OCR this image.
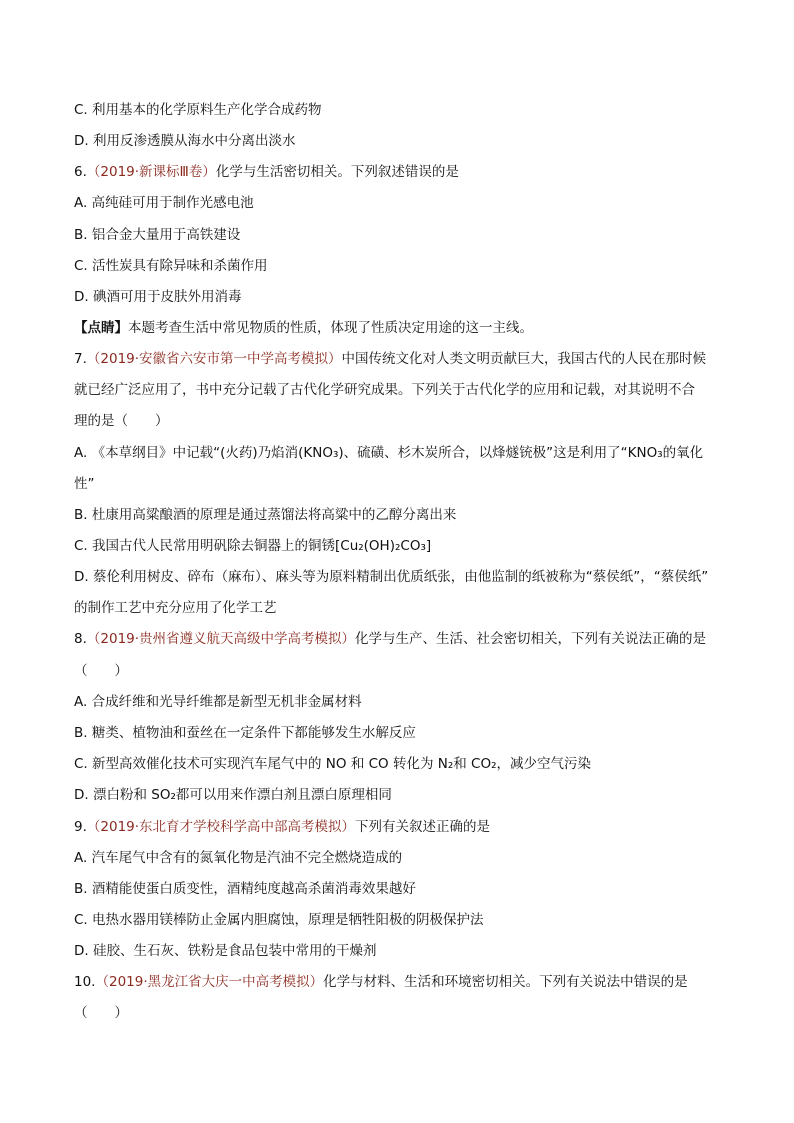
C. 利用基本的化学原料生产化学合成药物
D. 利用反渗透膜从海水中分离出淡水
6.（2019·新课标Ⅲ卷）化学与生活密切相关。下列叙述错误的是
A. 高纯硅可用于制作光感电池
B. 铝合金大量用于高铁建设
C. 活性炭具有除异味和杀菌作用
D. 碘酒可用于皮肤外用消毒
【点睛】本题考查生活中常见物质的性质，体现了性质决定用途的这一主线。
7.（2019·安徽省六安市第一中学高考模拟）中国传统文化对人类文明贡献巨大，我国古代的人民在那时候
就已经广泛应用了，书中充分记载了古代化学研究成果。下列关于古代化学的应用和记载，对其说明不合
理的是（　　）
A. 《本草纲目》中记载“(火药)乃焰消(KNO₃)、硫磺、杉木炭所合，以烽燧铳极”这是利用了“KNO₃的氧化
性”
B. 杜康用高粱酿酒的原理是通过蒸馏法将高粱中的乙醇分离出来
C. 我国古代人民常用明矾除去铜器上的铜锈[Cu₂(OH)₂CO₃]
D. 蔡伦利用树皮、碎布（麻布）、麻头等为原料精制出优质纸张，由他监制的纸被称为“蔡侯纸”，“蔡侯纸”
的制作工艺中充分应用了化学工艺
8.（2019·贵州省遵义航天高级中学高考模拟）化学与生产、生活、社会密切相关，下列有关说法正确的是
（　　）
A. 合成纤维和光导纤维都是新型无机非金属材料
B. 糖类、植物油和蚕丝在一定条件下都能够发生水解反应
C. 新型高效催化技术可实现汽车尾气中的 NO 和 CO 转化为 N₂和 CO₂，减少空气污染
D. 漂白粉和 SO₂都可以用来作漂白剂且漂白原理相同
9.（2019·东北育才学校科学高中部高考模拟）下列有关叙述正确的是
A. 汽车尾气中含有的氮氧化物是汽油不完全燃烧造成的
B. 酒精能使蛋白质变性，酒精纯度越高杀菌消毒效果越好
C. 电热水器用镁棒防止金属内胆腐蚀，原理是牺牲阳极的阴极保护法
D. 硅胶、生石灰、铁粉是食品包装中常用的干燥剂
10.（2019·黑龙江省大庆一中高考模拟）化学与材料、生活和环境密切相关。下列有关说法中错误的是
（　　）
